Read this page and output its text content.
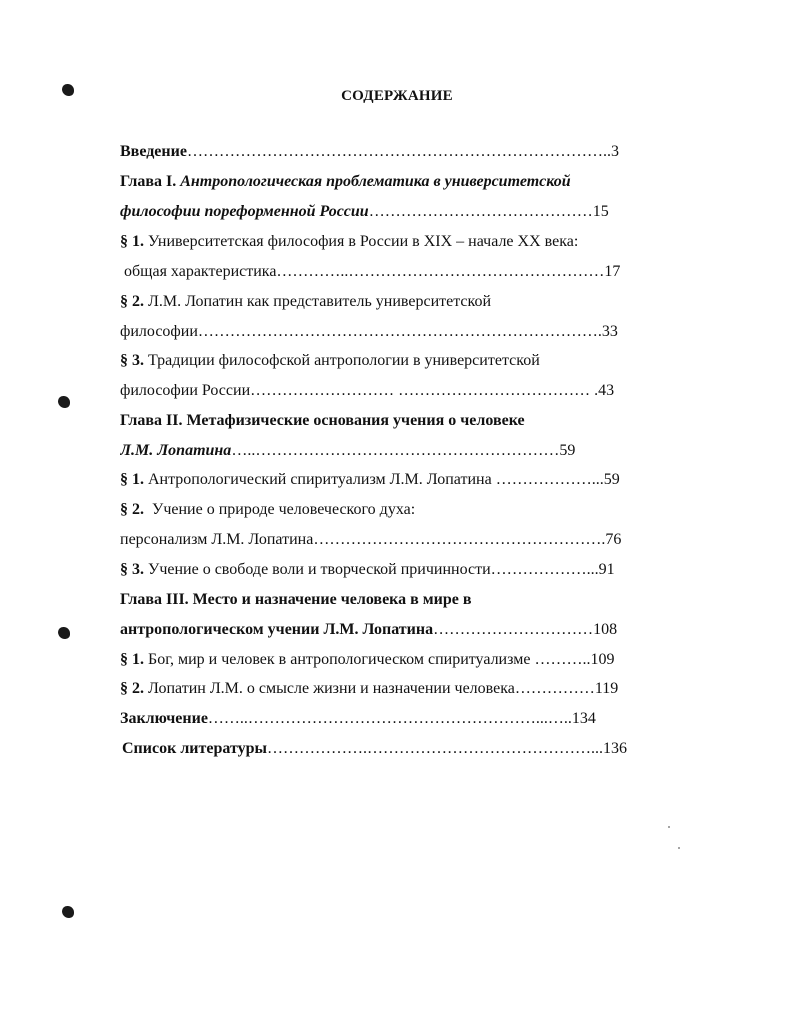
СОДЕРЖАНИЕ
Введение……………………………………………………………………..3
Глава I. Антропологическая проблематика в университетской
философии пореформенной России……………………………………15
§ 1. Университетская философия в России в XIX – начале XX века:
общая характеристика…………..…………………………………………17
§ 2. Л.М. Лопатин как представитель университетской
философии………………………………………………………………….33
§ 3. Традиции философской антропологии в университетской
философии России……………………… ……………………………… .43
Глава II. Метафизические основания учения о человеке
Л.М. Лопатина…..…………………………………………………59
§ 1. Антропологический спиритуализм Л.М. Лопатина ………………...59
§ 2. Учение о природе человеческого духа:
персонализм Л.М. Лопатина……………………………………………….76
§ 3. Учение о свободе воли и творческой причинности………………...91
Глава III. Место и назначение человека в мире в
антропологическом учении Л.М. Лопатина…………………………108
§ 1. Бог, мир и человек в антропологическом спиритуализме ………..109
§ 2. Лопатин Л.М. о смысле жизни и назначении человека……………119
Заключение……..………………………………………………...…..134
Список литературы……………….……………………………………...136
